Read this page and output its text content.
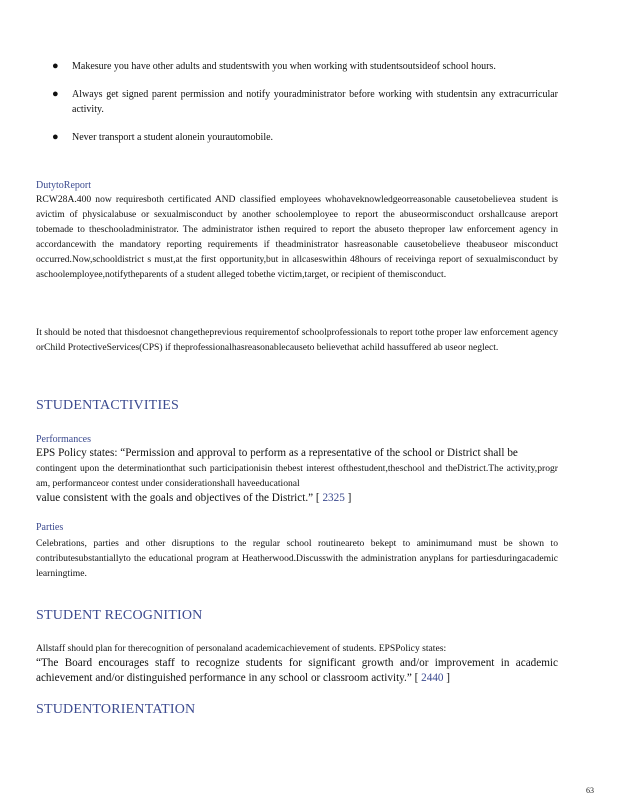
● Makesure you have other adults and studentswith you when working with studentsoutsideof school hours.
● Always get signed parent permission and notify youradministrator before working with studentsin any extracurricular activity.
● Never transport a student alonein yourautomobile.
DutytoReport
RCW28A.400 now requiresboth certificated AND classified employees whohaveknowledgeorreasonable causetobelievea student is avictim of physicalabuse or sexualmisconduct by another schoolemployee to report the abuseormisconduct orshallcause areport tobemade to theschooladministrator. The administrator isthen required to report the abuseto theproper law enforcement agency in accordancewith the mandatory reporting requirements if theadministrator hasreasonable causetobelieve theabuseor misconduct occurred.Now,schooldistrict s must,at the first opportunity,but in allcaseswithin 48hours of receivinga report of sexualmisconduct by aschoolemployee,notifytheparents of a student alleged tobethe victim,target, or recipient of themisconduct.
It should be noted that thisdoesnot changetheprevious requirementof schoolprofessionals to report tothe proper law enforcement agency orChild ProtectiveServices(CPS) if theprofessionalhasreasonablecauseto believethat achild hassuffered ab useor neglect.
STUDENTACTIVITIES
Performances
EPS Policy states: “Permission and approval to perform as a representative of the school or District shall be
contingent upon the determinationthat such participationisin thebest interest ofthestudent,theschool and theDistrict.The activity,progr am, performanceor contest under considerationshall haveeducational
value consistent with the goals and objectives of the District.” [ 2325 ]
Parties
Celebrations, parties and other disruptions to the regular school routineareto bekept to aminimumand must be shown to contributesubstantiallyto the educational program at Heatherwood.Discusswith the administration anyplans for partiesduringacademic learningtime.
STUDENT RECOGNITION
Allstaff should plan for therecognition of personaland academicachievement of students. EPSPolicy states:
“The Board encourages staff to recognize students for significant growth and/or improvement in academic achievement and/or distinguished performance in any school or classroom activity.” [ 2440 ]
STUDENTORIENTATION
63
